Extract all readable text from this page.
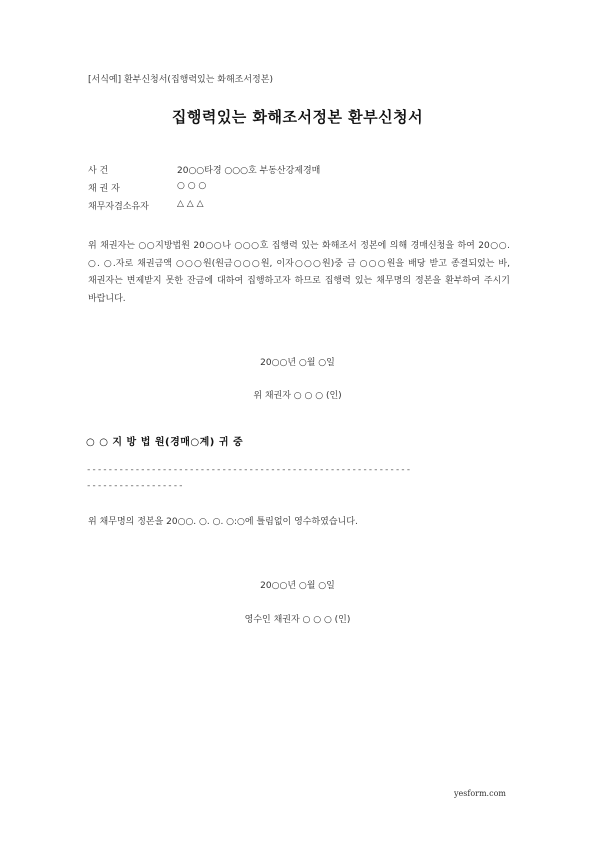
[서식예] 환부신청서(집행력있는 화해조서정본)
집행력있는 화해조서정본 환부신청서
사 건	20○○타경 ○○○호 부동산강제경매
채 권 자	○ ○ ○
채무자겸소유자	△ △ △
위 채권자는 ○○지방법원 20○○나 ○○○호 집행력 있는 화해조서 정본에 의해 경매신청을 하여 20○○. ○. ○.자로 채권금액 ○○○원(원금○○○원, 이자○○○원)중 금 ○○○원을 배당 받고 종결되었는 바, 채권자는 변제받지 못한 잔금에 대하여 집행하고자 하므로 집행력 있는 채무명의 정본을 환부하여 주시기 바랍니다.
20○○년 ○월 ○일
위 채권자 ○ ○ ○ (인)
○ ○ 지 방 법 원(경매○계) 귀 중
------------------------------------------------------------
------------------
위 채무명의 정본을 20○○. ○. ○. ○:○에 틀림없이 영수하였습니다.
20○○년 ○월 ○일
영수인 채권자 ○ ○ ○ (인)
yesform.com
